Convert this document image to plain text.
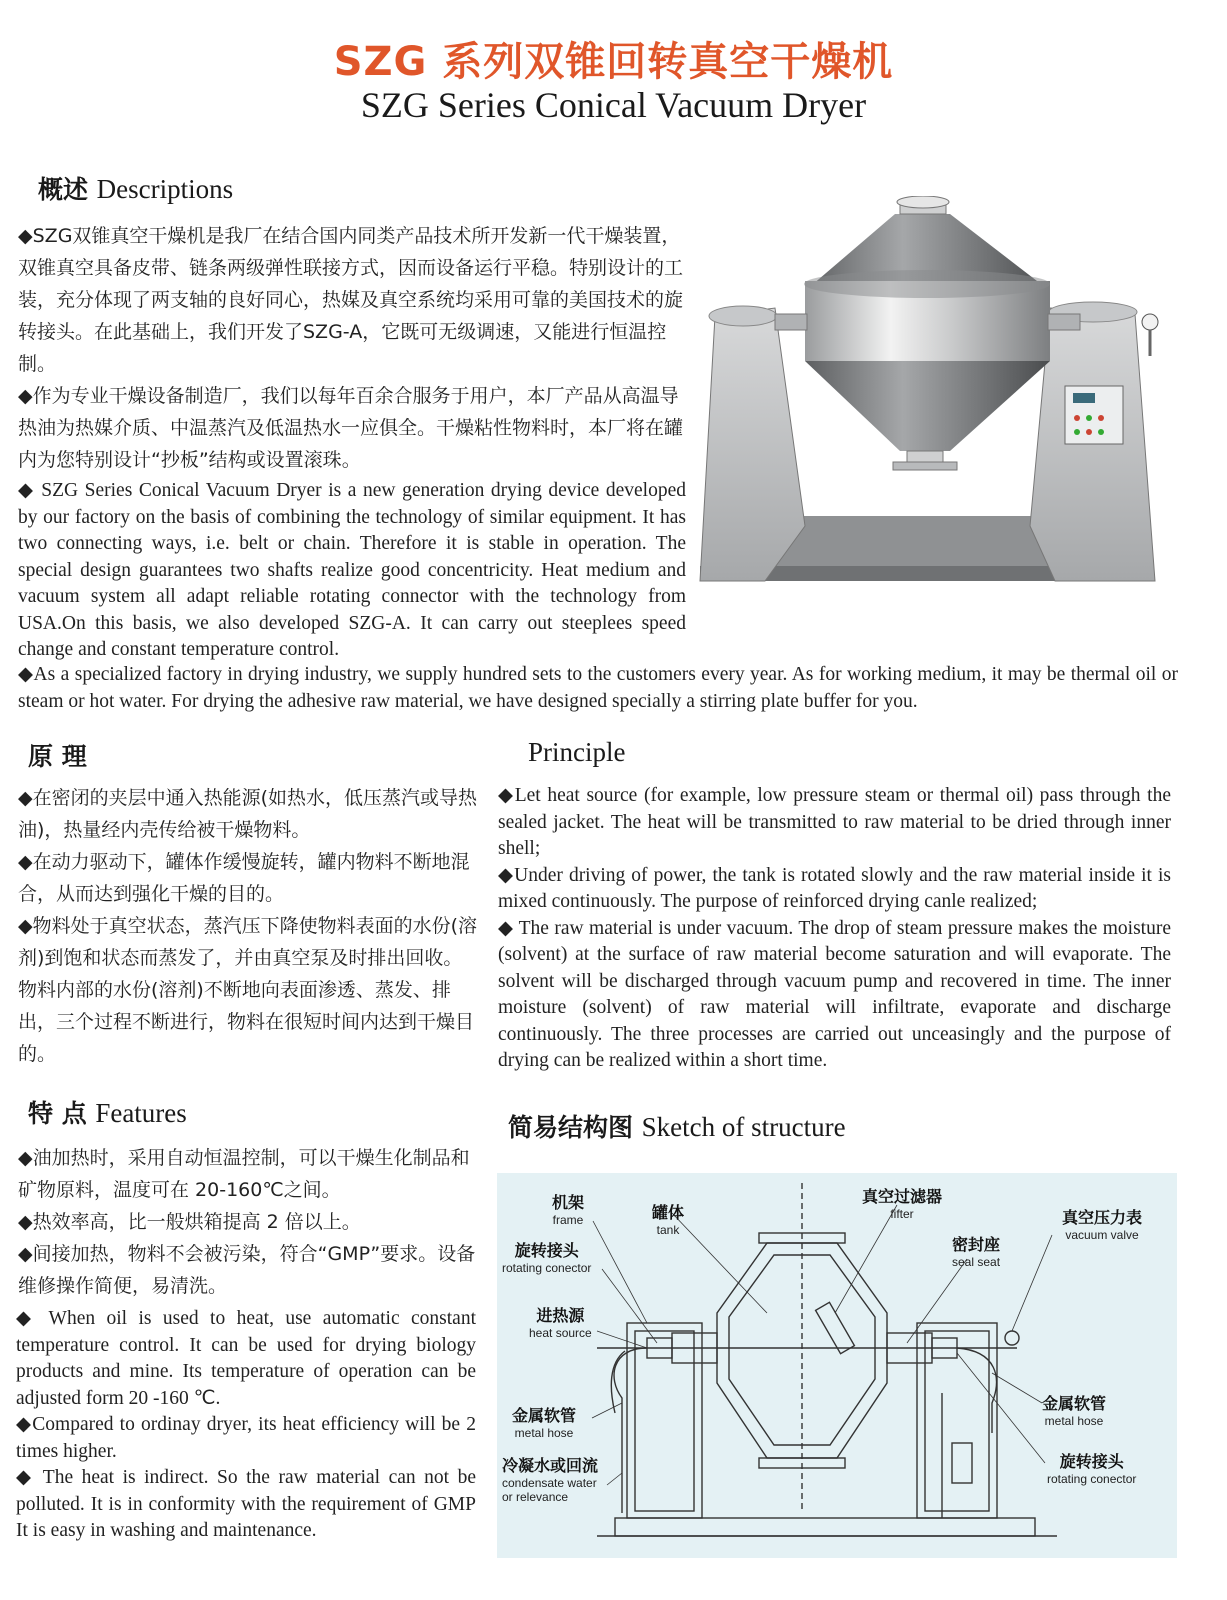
SZG 系列双锥回转真空干燥机
SZG Series Conical Vacuum Dryer
概述 Descriptions

◆SZG双锥真空干燥机是我厂在结合国内同类产品技术所开发新一代干燥装置，双锥真空具备皮带、链条两级弹性联接方式，因而设备运行平稳。特别设计的工装，充分体现了两支轴的良好同心，热媒及真空系统均采用可靠的美国技术的旋转接头。在此基础上，我们开发了SZG-A，它既可无级调速，又能进行恒温控制。

◆作为专业干燥设备制造厂，我们以每年百余合服务于用户，本厂产品从高温导热油为热媒介质、中温蒸汽及低温热水一应俱全。干燥粘性物料时，本厂将在罐内为您特别设计“抄板”结构或设置滚珠。

◆ SZG Series Conical Vacuum Dryer is a new generation drying device developed by our factory on the basis of combining the technology of similar equipment. It has two connecting ways, i.e. belt or chain. Therefore it is stable in operation. The special design guarantees two shafts realize good concentricity. Heat medium and vacuum system all adapt reliable rotating connector with the technology from USA.On this basis, we also developed SZG-A. It can carry out steeplees speed change and constant temperature control.

◆As a specialized factory in drying industry, we supply hundred sets to the customers every year. As for working medium, it may be thermal oil or steam or hot water. For drying the adhesive raw material, we have designed specially a stirring plate buffer for you.

原 理	Principle

◆在密闭的夹层中通入热能源(如热水，低压蒸汽或导热油)，热量经内壳传给被干燥物料。

◆在动力驱动下，罐体作缓慢旋转，罐内物料不断地混合，从而达到强化干燥的目的。

◆物料处于真空状态，蒸汽压下降使物料表面的水份(溶剂)到饱和状态而蒸发了，并由真空泵及时排出回收。物料内部的水份(溶剂)不断地向表面渗透、蒸发、排出，三个过程不断进行，物料在很短时间内达到干燥目的。

◆Let heat source (for example, low pressure steam or thermal oil) pass through the sealed jacket. The heat will be transmitted to raw material to be dried through inner shell;

◆Under driving of power, the tank is rotated slowly and the raw material inside it is mixed continuously. The purpose of reinforced drying canle realized;

◆ The raw material is under vacuum. The drop of steam pressure makes the moisture (solvent) at the surface of raw material become saturation and will evaporate. The solvent will be discharged through vacuum pump and recovered in time. The inner moisture (solvent) of raw material will infiltrate, evaporate and discharge continuously. The three processes are carried out unceasingly and the purpose of drying can be realized within a short time.

特 点 Features

◆油加热时，采用自动恒温控制，可以干燥生化制品和矿物原料，温度可在 20-160℃之间。

◆热效率高，比一般烘箱提高 2 倍以上。

◆间接加热，物料不会被污染，符合“GMP”要求。设备维修操作简便，易清洗。

◆ When oil is used to heat, use automatic constant temperature control. It can be used for drying biology products and mine. Its temperature of operation can be adjusted form 20 -160 ℃.

◆Compared to ordinay dryer, its heat efficiency will be 2 times higher.

◆ The heat is indirect. So the raw material can not be polluted. It is in conformity with the requirement of GMP It is easy in washing and maintenance.

简易结构图 Sketch of structure
机架
frame	罐体
tank
真空过滤器
fifter	真空压力表
vacuum valve
旋转接头
rotating conector
密封座
seal seat
进热源
heat source
金属软管
metal hose
金属软管
metal hose
冷凝水或回流
condensate water
or relevance
旋转接头
rotating conector
